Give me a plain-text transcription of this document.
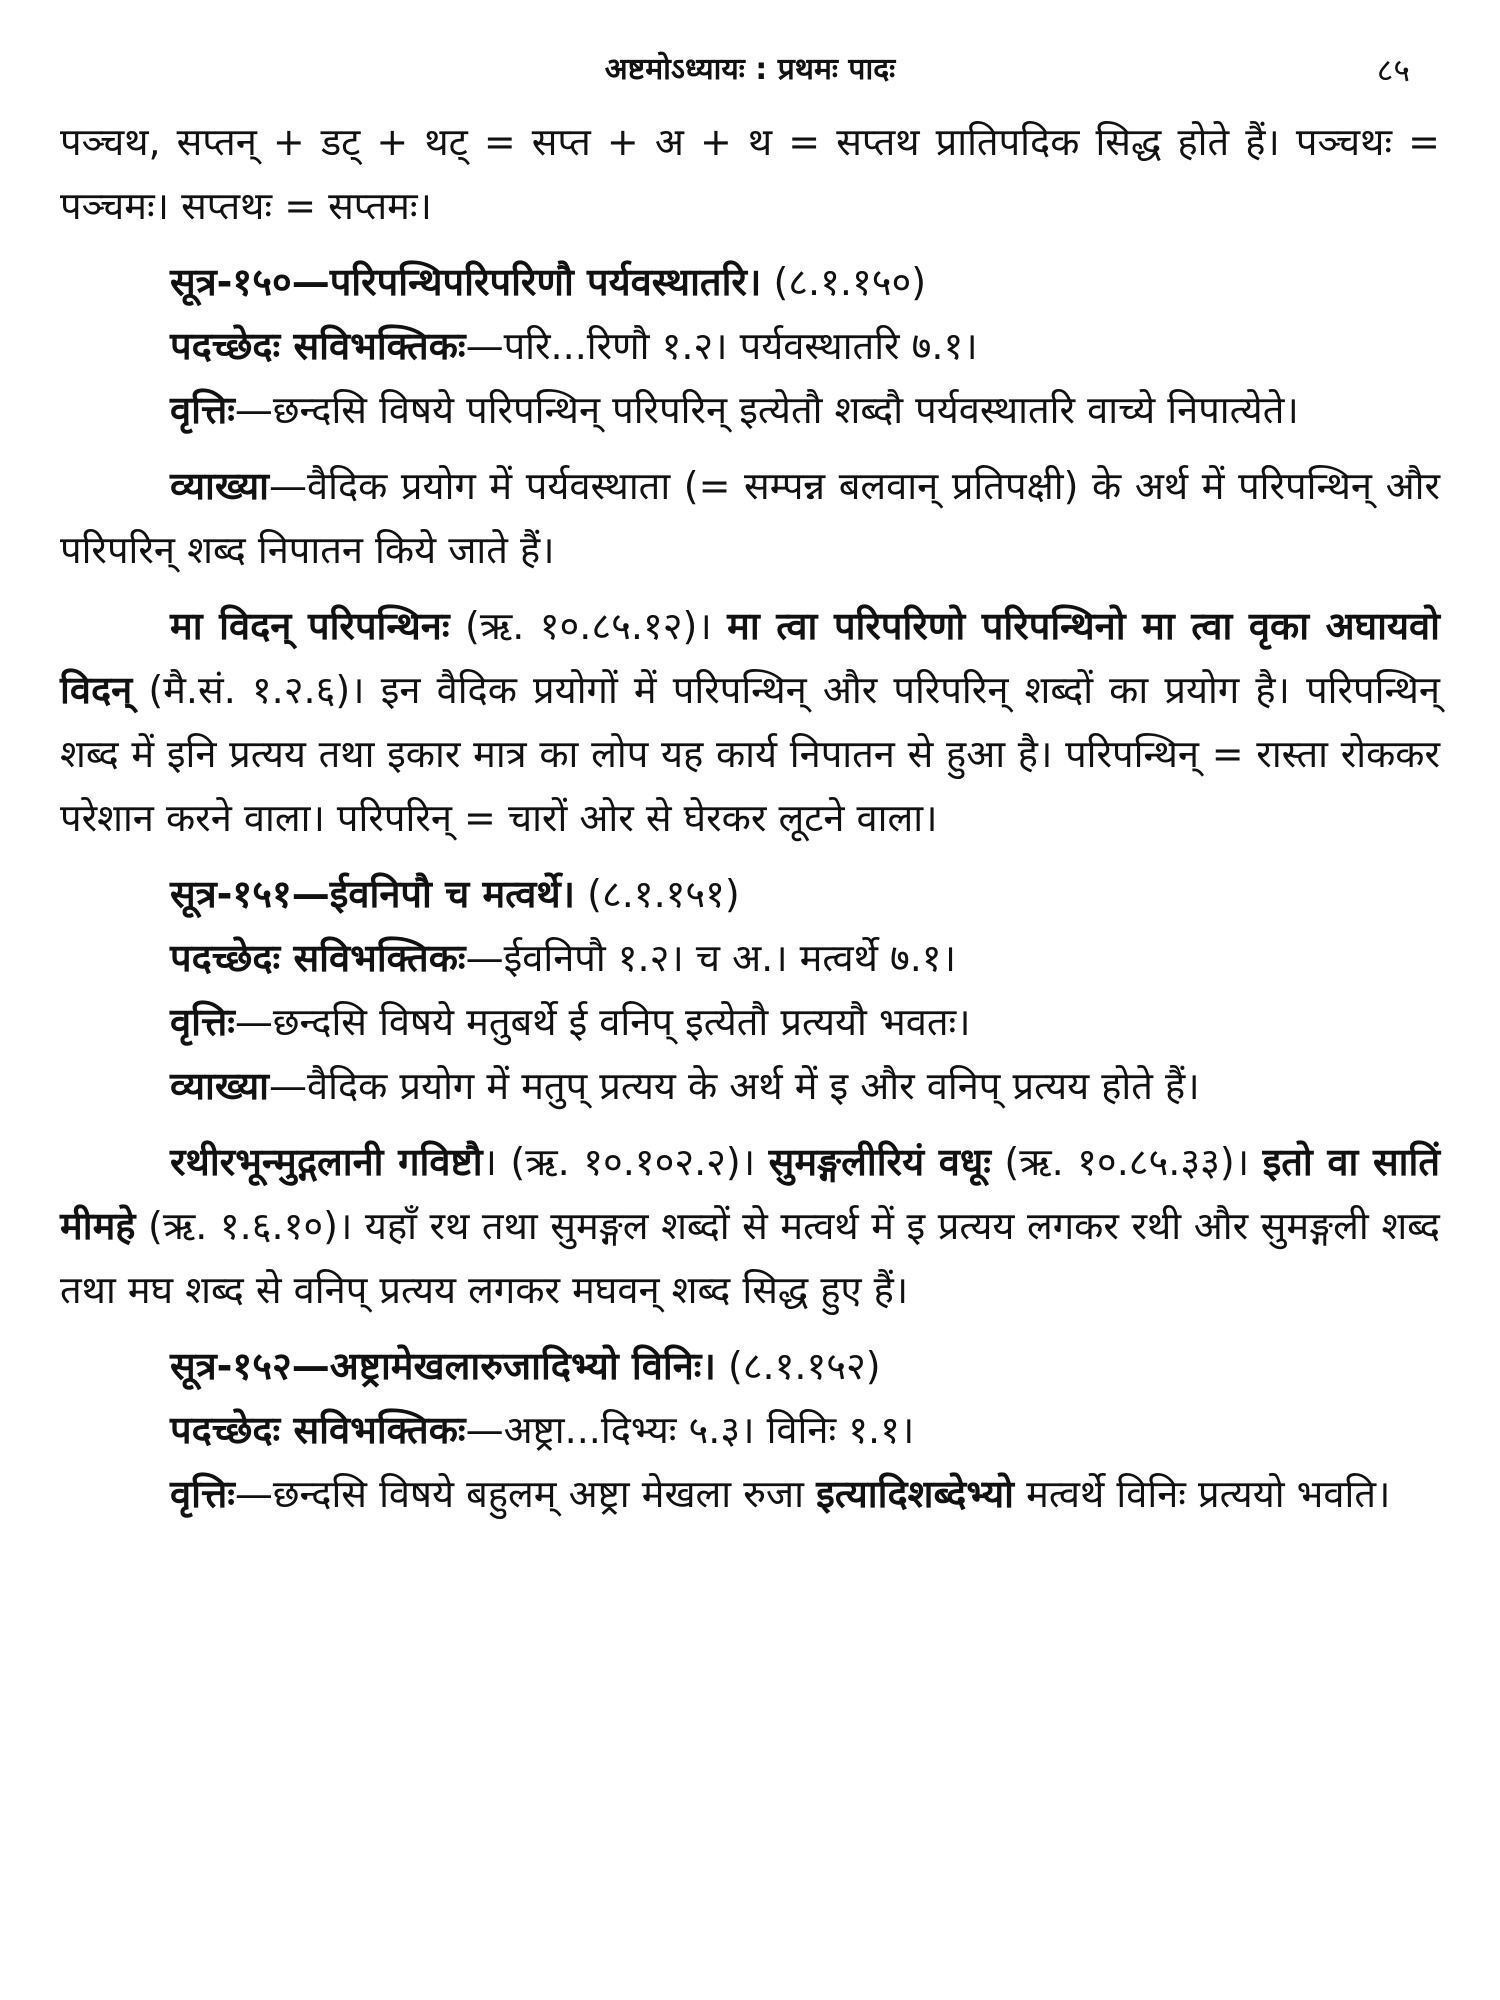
अष्टमोऽध्यायः : प्रथमः पादः	८५

पञ्चथ, सप्तन् + डट् + थट् = सप्त + अ + थ = सप्तथ प्रातिपदिक सिद्ध होते हैं। पञ्चथः = पञ्चमः। सप्तथः = सप्तमः।

सूत्र-१५०—परिपन्थिपरिपरिणौ पर्यवस्थातरि। (८.१.१५०)

पदच्छेदः सविभक्तिकः—परि...रिणौ १.२। पर्यवस्थातरि ७.१।

वृत्तिः—छन्दसि विषये परिपन्थिन् परिपरिन् इत्येतौ शब्दौ पर्यवस्थातरि वाच्ये निपात्येते।

व्याख्या—वैदिक प्रयोग में पर्यवस्थाता (= सम्पन्न बलवान् प्रतिपक्षी) के अर्थ में परिपन्थिन् और परिपरिन् शब्द निपातन किये जाते हैं।

मा विदन् परिपन्थिनः (ऋ. १०.८५.१२)। मा त्वा परिपरिणो परिपन्थिनो मा त्वा वृका अघायवो विदन् (मै.सं. १.२.६)। इन वैदिक प्रयोगों में परिपन्थिन् और परिपरिन् शब्दों का प्रयोग है। परिपन्थिन् शब्द में इनि प्रत्यय तथा इकार मात्र का लोप यह कार्य निपातन से हुआ है। परिपन्थिन् = रास्ता रोककर परेशान करने वाला। परिपरिन् = चारों ओर से घेरकर लूटने वाला।

सूत्र-१५१—ईवनिपौ च मत्वर्थे। (८.१.१५१)

पदच्छेदः सविभक्तिकः—ईवनिपौ १.२। च अ.। मत्वर्थे ७.१।

वृत्तिः—छन्दसि विषये मतुबर्थे ई वनिप् इत्येतौ प्रत्ययौ भवतः।

व्याख्या—वैदिक प्रयोग में मतुप् प्रत्यय के अर्थ में इ और वनिप् प्रत्यय होते हैं।

रथीरभून्मुद्गलानी गविष्टौ। (ऋ. १०.१०२.२)। सुमङ्गलीरियं वधूः (ऋ. १०.८५.३३)। इतो वा सातिं मीमहे (ऋ. १.६.१०)। यहाँ रथ तथा सुमङ्गल शब्दों से मत्वर्थ में इ प्रत्यय लगकर रथी और सुमङ्गली शब्द तथा मघ शब्द से वनिप् प्रत्यय लगकर मघवन् शब्द सिद्ध हुए हैं।

सूत्र-१५२—अष्ट्रामेखलारुजादिभ्यो विनिः। (८.१.१५२)

पदच्छेदः सविभक्तिकः—अष्ट्रा...दिभ्यः ५.३। विनिः १.१।

वृत्तिः—छन्दसि विषये बहुलम् अष्ट्रा मेखला रुजा इत्यादिशब्देभ्यो मत्वर्थे विनिः प्रत्ययो भवति।
